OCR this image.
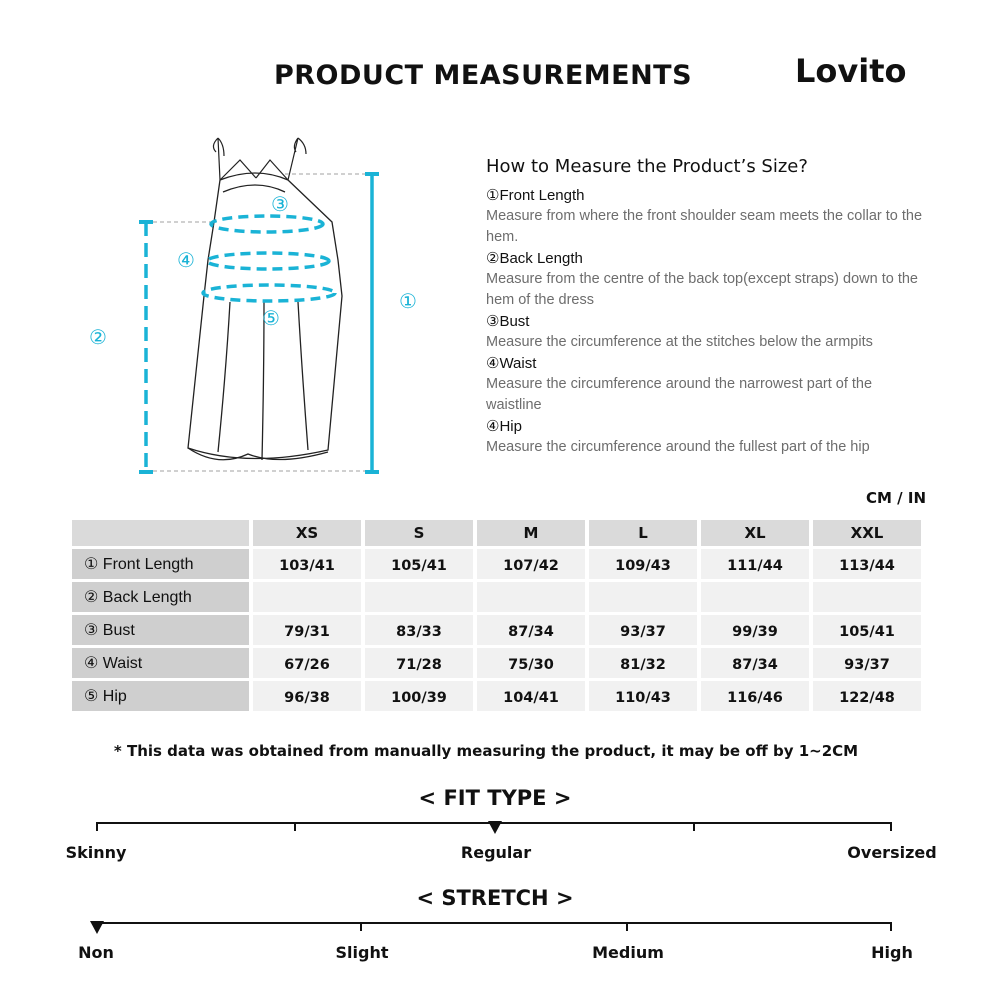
PRODUCT MEASUREMENTS	Lovito
①
②
③
④
⑤
How to Measure the Product’s Size?
①Front Length
Measure from where the front shoulder seam meets the collar to the hem.
②Back Length
Measure from the centre of the back top(except straps) down to the hem of the dress
③Bust
Measure the circumference at the stitches below the armpits
④Waist
Measure the circumference around the narrowest part of the waistline
④Hip
Measure the circumference around the fullest part of the hip
CM / IN
	XS	S	M	L	XL	XXL
① Front Length	103/41	105/41	107/42	109/43	111/44	113/44
② Back Length						
③ Bust	79/31	83/33	87/34	93/37	99/39	105/41
④ Waist	67/26	71/28	75/30	81/32	87/34	93/37
⑤ Hip	96/38	100/39	104/41	110/43	116/46	122/48
* This data was obtained from manually measuring the product, it may be off by 1~2CM
< FIT TYPE >
Skinny	Regular	Oversized
< STRETCH >
Non	Slight	Medium	High
